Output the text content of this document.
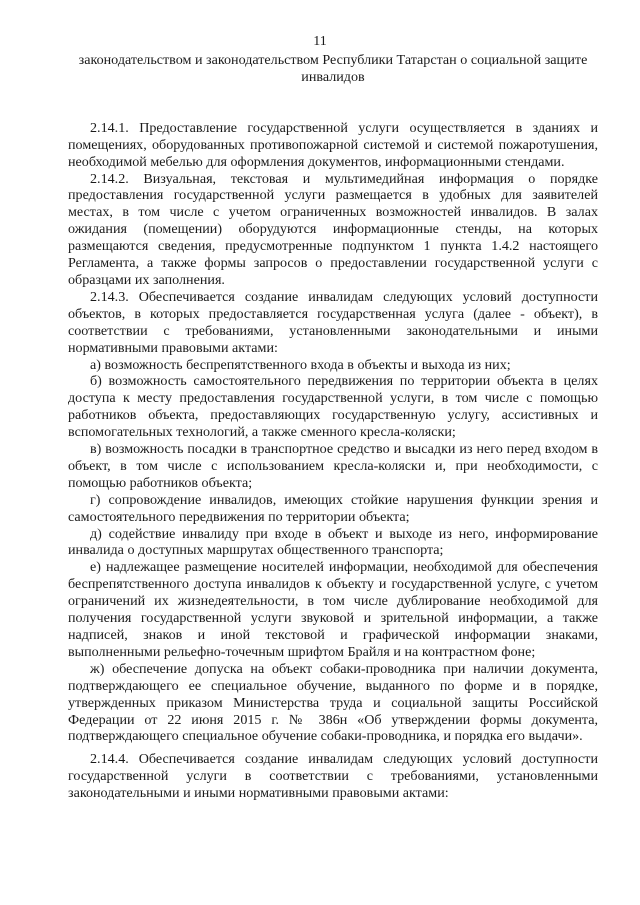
11

законодательством и законодательством Республики Татарстан о социальной защите инвалидов

2.14.1. Предоставление государственной услуги осуществляется в зданиях и помещениях, оборудованных противопожарной системой и системой пожаротушения, необходимой мебелью для оформления документов, информационными стендами.

2.14.2. Визуальная, текстовая и мультимедийная информация о порядке предоставления государственной услуги размещается в удобных для заявителей местах, в том числе с учетом ограниченных возможностей инвалидов. В залах ожидания (помещении) оборудуются информационные стенды, на которых размещаются сведения, предусмотренные подпунктом 1 пункта 1.4.2 настоящего Регламента, а также формы запросов о предоставлении государственной услуги с образцами их заполнения.

2.14.3. Обеспечивается создание инвалидам следующих условий доступности объектов, в которых предоставляется государственная услуга (далее - объект), в соответствии с требованиями, установленными законодательными и иными нормативными правовыми актами:

а) возможность беспрепятственного входа в объекты и выхода из них;

б) возможность самостоятельного передвижения по территории объекта в целях доступа к месту предоставления государственной услуги, в том числе с помощью работников объекта, предоставляющих государственную услугу, ассистивных и вспомогательных технологий, а также сменного кресла-коляски;

в) возможность посадки в транспортное средство и высадки из него перед входом в объект, в том числе с использованием кресла-коляски и, при необходимости, с помощью работников объекта;

г) сопровождение инвалидов, имеющих стойкие нарушения функции зрения и самостоятельного передвижения по территории объекта;

д) содействие инвалиду при входе в объект и выходе из него, информирование инвалида о доступных маршрутах общественного транспорта;

е) надлежащее размещение носителей информации, необходимой для обеспечения беспрепятственного доступа инвалидов к объекту и государственной услуге, с учетом ограничений их жизнедеятельности, в том числе дублирование необходимой для получения государственной услуги звуковой и зрительной информации, а также надписей, знаков и иной текстовой и графической информации знаками, выполненными рельефно-точечным шрифтом Брайля и на контрастном фоне;

ж) обеспечение допуска на объект собаки-проводника при наличии документа, подтверждающего ее специальное обучение, выданного по форме и в порядке, утвержденных приказом Министерства труда и социальной защиты Российской Федерации от 22 июня 2015 г. № 386н «Об утверждении формы документа, подтверждающего специальное обучение собаки-проводника, и порядка его выдачи».

2.14.4. Обеспечивается создание инвалидам следующих условий доступности государственной услуги в соответствии с требованиями, установленными законодательными и иными нормативными правовыми актами:
